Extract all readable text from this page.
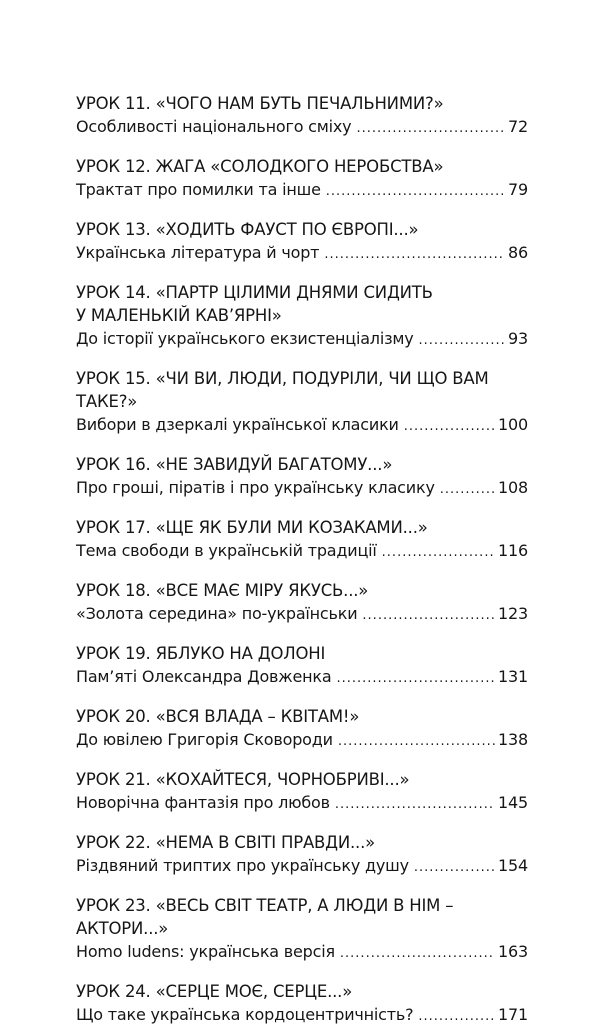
УРОК 11. «ЧОГО НАМ БУТЬ ПЕЧАЛЬНИМИ?»
Особливості національного сміху .....	72
УРОК 12. ЖАГА «СОЛОДКОГО НЕРОБСТВА»
Трактат про помилки та інше .....	79
УРОК 13. «ХОДИТЬ ФАУСТ ПО ЄВРОПІ...»
Українська література й чорт .....	86
УРОК 14. «ПАРТР ЦІЛИМИ ДНЯМИ СИДИТЬ У МАЛЕНЬКІЙ КАВ’ЯРНІ»
До історії українського екзистенціалізму .....	93
УРОК 15. «ЧИ ВИ, ЛЮДИ, ПОДУРІЛИ, ЧИ ЩО ВАМ ТАКЕ?»
Вибори в дзеркалі української класики .....	100
УРОК 16. «НЕ ЗАВИДУЙ БАГАТОМУ...»
Про гроші, піратів і про українську класику .....	108
УРОК 17. «ЩЕ ЯК БУЛИ МИ КОЗАКАМИ...»
Тема свободи в українській традиції .....	116
УРОК 18. «ВСЕ МАЄ МІРУ ЯКУСЬ...»
«Золота середина» по-українськи .....	123
УРОК 19. ЯБЛУКО НА ДОЛОНІ
Пам’яті Олександра Довженка .....	131
УРОК 20. «ВСЯ ВЛАДА – КВІТАМ!»
До ювілею Григорія Сковороди .....	138
УРОК 21. «КОХАЙТЕСЯ, ЧОРНОБРИВІ...»
Новорічна фантазія про любов .....	145
УРОК 22. «НЕМА В СВІТІ ПРАВДИ...»
Різдвяний триптих про українську душу .....	154
УРОК 23. «ВЕСЬ СВІТ ТЕАТР, А ЛЮДИ В НІМ – АКТОРИ...»
Homo ludens: українська версія .....	163
УРОК 24. «СЕРЦЕ МОЄ, СЕРЦЕ...»
Що таке українська кордоцентричність? .....	171
